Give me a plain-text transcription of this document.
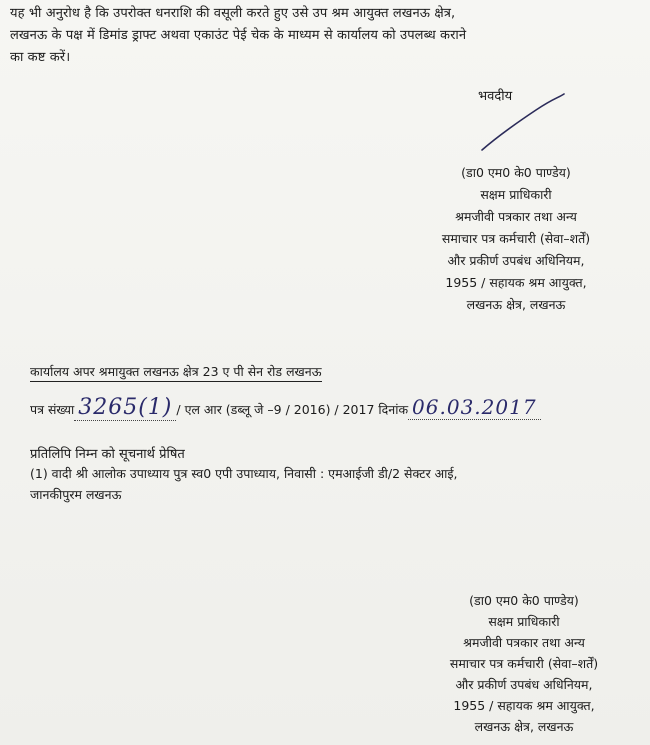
यह भी अनुरोध है कि उपरोक्त धनराशि की वसूली करते हुए उसे उप श्रम आयुक्त लखनऊ क्षेत्र,
लखनऊ के पक्ष में डिमांड ड्राफ्ट अथवा एकाउंट पेई चेक के माध्यम से कार्यालय को उपलब्ध कराने
का कष्ट करें।
भवदीय
(डा0 एम0 के0 पाण्डेय)
सक्षम प्राधिकारी
श्रमजीवी पत्रकार तथा अन्य
समाचार पत्र कर्मचारी (सेवा–शर्तें)
और प्रकीर्ण उपबंध अधिनियम,
1955 / सहायक श्रम आयुक्त,
लखनऊ क्षेत्र, लखनऊ
कार्यालय अपर श्रमायुक्त लखनऊ क्षेत्र 23 ए पी सेन रोड लखनऊ
पत्र संख्या 3265(1) / एल आर (डब्लू जे –9 / 2016) / 2017 दिनांक 06.03.2017
प्रतिलिपि निम्न को सूचनार्थ प्रेषित
(1) वादी श्री आलोक उपाध्याय पुत्र स्व0 एपी उपाध्याय, निवासी : एमआईजी डी/2 सेक्टर आई,
जानकीपुरम लखनऊ
(डा0 एम0 के0 पाण्डेय)
सक्षम प्राधिकारी
श्रमजीवी पत्रकार तथा अन्य
समाचार पत्र कर्मचारी (सेवा–शर्तें)
और प्रकीर्ण उपबंध अधिनियम,
1955 / सहायक श्रम आयुक्त,
लखनऊ क्षेत्र, लखनऊ
